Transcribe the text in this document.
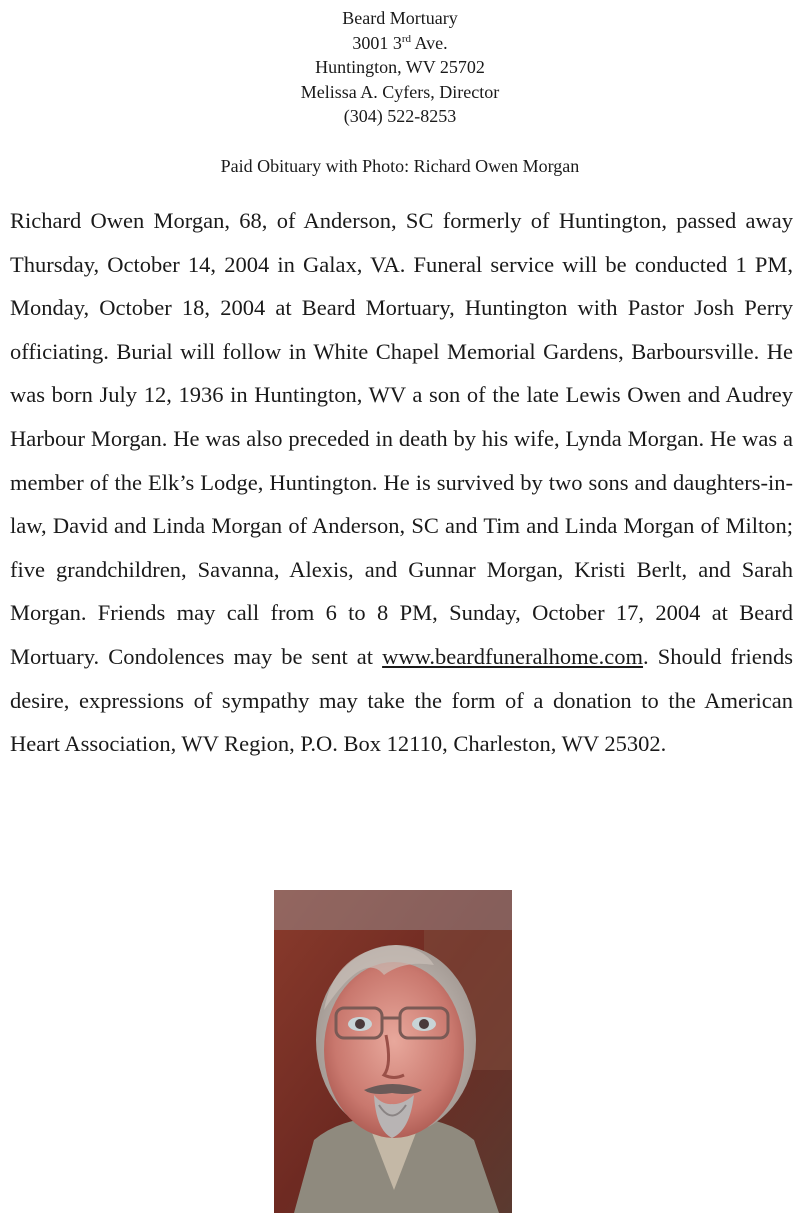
Beard Mortuary
3001 3rd Ave.
Huntington, WV 25702
Melissa A. Cyfers, Director
(304) 522-8253
Paid Obituary with Photo: Richard Owen Morgan
Richard Owen Morgan, 68, of Anderson, SC formerly of Huntington, passed away Thursday, October 14, 2004 in Galax, VA. Funeral service will be conducted 1 PM, Monday, October 18, 2004 at Beard Mortuary, Huntington with Pastor Josh Perry officiating. Burial will follow in White Chapel Memorial Gardens, Barboursville. He was born July 12, 1936 in Huntington, WV a son of the late Lewis Owen and Audrey Harbour Morgan. He was also preceded in death by his wife, Lynda Morgan. He was a member of the Elk’s Lodge, Huntington. He is survived by two sons and daughters-in-law, David and Linda Morgan of Anderson, SC and Tim and Linda Morgan of Milton; five grandchildren, Savanna, Alexis, and Gunnar Morgan, Kristi Berlt, and Sarah Morgan. Friends may call from 6 to 8 PM, Sunday, October 17, 2004 at Beard Mortuary. Condolences may be sent at www.beardfuneralhome.com. Should friends desire, expressions of sympathy may take the form of a donation to the American Heart Association, WV Region, P.O. Box 12110, Charleston, WV 25302.
